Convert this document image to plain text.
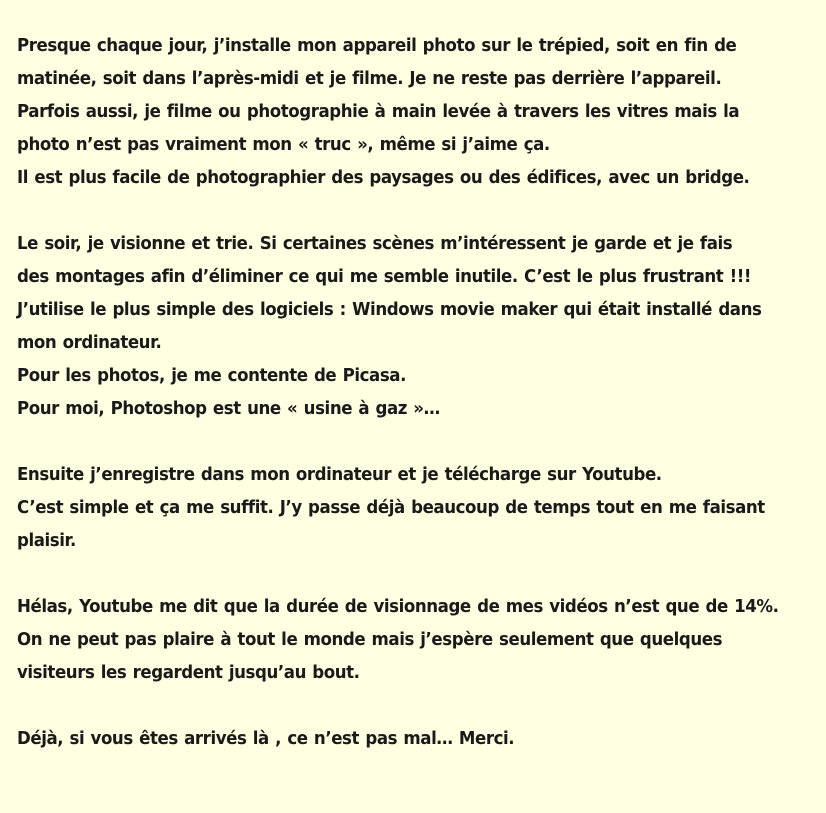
Presque chaque jour, j’installe mon appareil photo sur le trépied, soit en fin de
matinée, soit dans l’après-midi et je filme. Je ne reste pas derrière l’appareil.
Parfois aussi, je filme ou photographie à main levée à travers les vitres mais la
photo n’est pas vraiment mon « truc », même si j’aime ça.
Il est plus facile de photographier des paysages ou des édifices, avec un bridge.
Le soir, je visionne et trie. Si certaines scènes m’intéressent je garde et je fais
des montages afin d’éliminer ce qui me semble inutile. C’est le plus frustrant !!!
J’utilise le plus simple des logiciels : Windows movie maker qui était installé dans
mon ordinateur.
Pour les photos, je me contente de Picasa.
Pour moi, Photoshop est une « usine à gaz »…
Ensuite j’enregistre dans mon ordinateur et je télécharge sur Youtube.
C’est simple et ça me suffit. J’y passe déjà beaucoup de temps tout en me faisant
plaisir.
Hélas, Youtube me dit que la durée de visionnage de mes vidéos n’est que de 14%.
On ne peut pas plaire à tout le monde mais j’espère seulement que quelques
visiteurs les regardent jusqu’au bout.
Déjà, si vous êtes arrivés là , ce n’est pas mal… Merci.
